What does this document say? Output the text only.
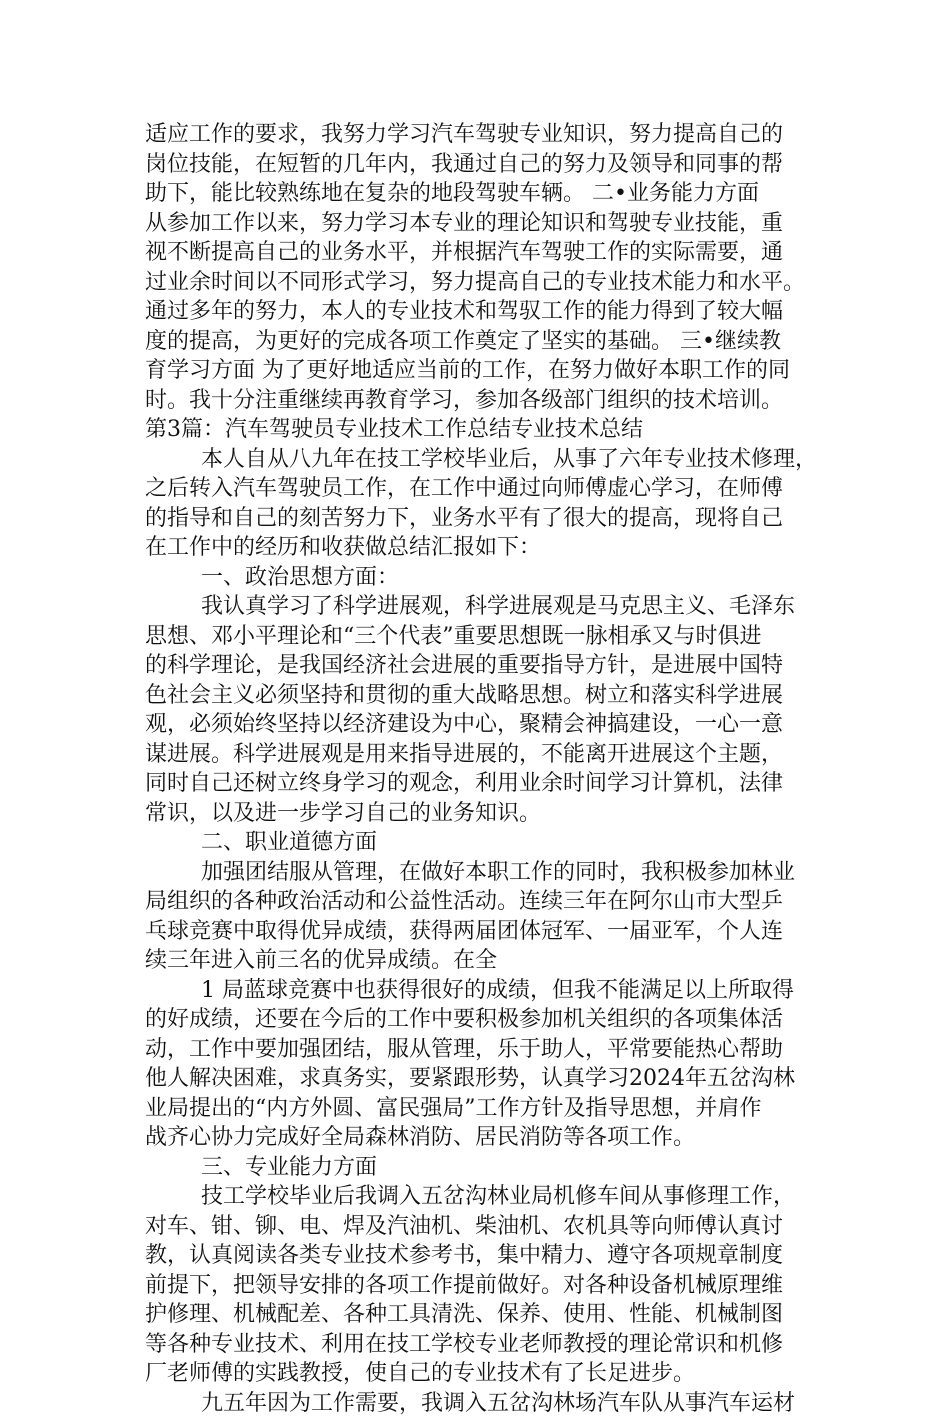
适应工作的要求，我努力学习汽车驾驶专业知识，努力提高自己的
岗位技能，在短暂的几年内，我通过自己的努力及领导和同事的帮
助下，能比较熟练地在复杂的地段驾驶车辆。 二•业务能力方面
从参加工作以来，努力学习本专业的理论知识和驾驶专业技能，重
视不断提高自己的业务水平，并根据汽车驾驶工作的实际需要，通
过业余时间以不同形式学习，努力提高自己的专业技术能力和水平。
通过多年的努力，本人的专业技术和驾驭工作的能力得到了较大幅
度的提高，为更好的完成各项工作奠定了坚实的基础。 三•继续教
育学习方面 为了更好地适应当前的工作，在努力做好本职工作的同
时。我十分注重继续再教育学习，参加各级部门组织的技术培训。
第3篇：汽车驾驶员专业技术工作总结专业技术总结
本人自从八九年在技工学校毕业后，从事了六年专业技术修理，
之后转入汽车驾驶员工作，在工作中通过向师傅虚心学习，在师傅
的指导和自己的刻苦努力下，业务水平有了很大的提高，现将自己
在工作中的经历和收获做总结汇报如下：
一、政治思想方面：
我认真学习了科学进展观，科学进展观是马克思主义、毛泽东
思想、邓小平理论和“三个代表”重要思想既一脉相承又与时俱进
的科学理论，是我国经济社会进展的重要指导方针，是进展中国特
色社会主义必须坚持和贯彻的重大战略思想。树立和落实科学进展
观，必须始终坚持以经济建设为中心，聚精会神搞建设，一心一意
谋进展。科学进展观是用来指导进展的，不能离开进展这个主题，
同时自己还树立终身学习的观念，利用业余时间学习计算机，法律
常识，以及进一步学习自己的业务知识。
二、职业道德方面
加强团结服从管理，在做好本职工作的同时，我积极参加林业
局组织的各种政治活动和公益性活动。连续三年在阿尔山市大型乒
乓球竞赛中取得优异成绩，获得两届团体冠军、一届亚军，个人连
续三年进入前三名的优异成绩。在全
1 局蓝球竞赛中也获得很好的成绩，但我不能满足以上所取得
的好成绩，还要在今后的工作中要积极参加机关组织的各项集体活
动，工作中要加强团结，服从管理，乐于助人，平常要能热心帮助
他人解决困难，求真务实，要紧跟形势，认真学习2024年五岔沟林
业局提出的“内方外圆、富民强局”工作方针及指导思想，并肩作
战齐心协力完成好全局森林消防、居民消防等各项工作。
三、专业能力方面
技工学校毕业后我调入五岔沟林业局机修车间从事修理工作，
对车、钳、铆、电、焊及汽油机、柴油机、农机具等向师傅认真讨
教，认真阅读各类专业技术参考书，集中精力、遵守各项规章制度
前提下，把领导安排的各项工作提前做好。对各种设备机械原理维
护修理、机械配差、各种工具清洗、保养、使用、性能、机械制图
等各种专业技术、利用在技工学校专业老师教授的理论常识和机修
厂老师傅的实践教授，使自己的专业技术有了长足进步。
九五年因为工作需要，我调入五岔沟林场汽车队从事汽车运材
